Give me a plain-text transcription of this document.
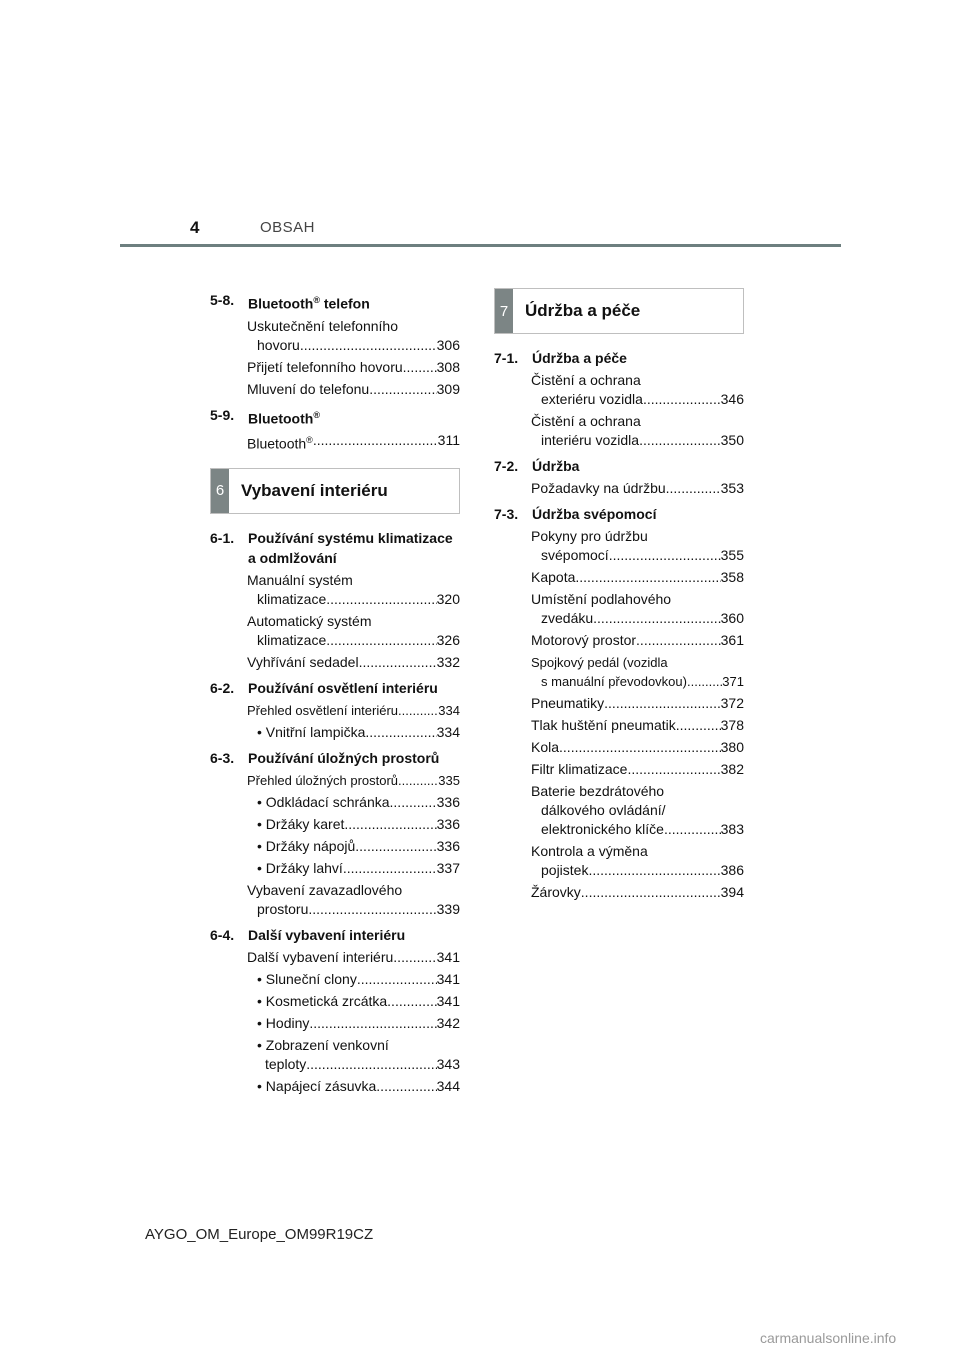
4	OBSAH
5-8. Bluetooth® telefon
Uskutečnění telefonního
hovoru .....	306
Přijetí telefonního hovoru ..... 308
Mluvení do telefonu .....	309
5-9. Bluetooth®
Bluetooth® .....	311
6 Vybavení interiéru
6-1. Používání systému klimatizace a odmlžování
Manuální systém
klimatizace .....	320
Automatický systém
klimatizace .....	326
Vyhřívání sedadel .....	332
6-2. Používání osvětlení interiéru
Přehled osvětlení interiéru .....	334
• Vnitřní lampička .....	334
6-3. Používání úložných prostorů
Přehled úložných prostorů .....	335
• Odkládací schránka .....	336
• Držáky karet .....	336
• Držáky nápojů .....	336
• Držáky lahví .....	337
Vybavení zavazadlového
prostoru .....	339
6-4. Další vybavení interiéru
Další vybavení interiéru .....	341
• Sluneční clony .....	341
• Kosmetická zrcátka .....	341
• Hodiny .....	342
• Zobrazení venkovní
teploty .....	343
• Napájecí zásuvka .....	344
7 Údržba a péče
7-1. Údržba a péče
Čistění a ochrana
exteriéru vozidla .....	346
Čistění a ochrana
interiéru vozidla .....	350
7-2. Údržba
Požadavky na údržbu .....	353
7-3. Údržba svépomocí
Pokyny pro údržbu
svépomocí .....	355
Kapota .....	358
Umístění podlahového
zvedáku .....	360
Motorový prostor .....	361
Spojkový pedál (vozidla
s manuální převodovkou) .....	371
Pneumatiky .....	372
Tlak huštění pneumatik .....	378
Kola .....	380
Filtr klimatizace .....	382
Baterie bezdrátového
dálkového ovládání/
elektronického klíče .....	383
Kontrola a výměna
pojistek .....	386
Žárovky .....	394
AYGO_OM_Europe_OM99R19CZ
carmanualsonline.info
